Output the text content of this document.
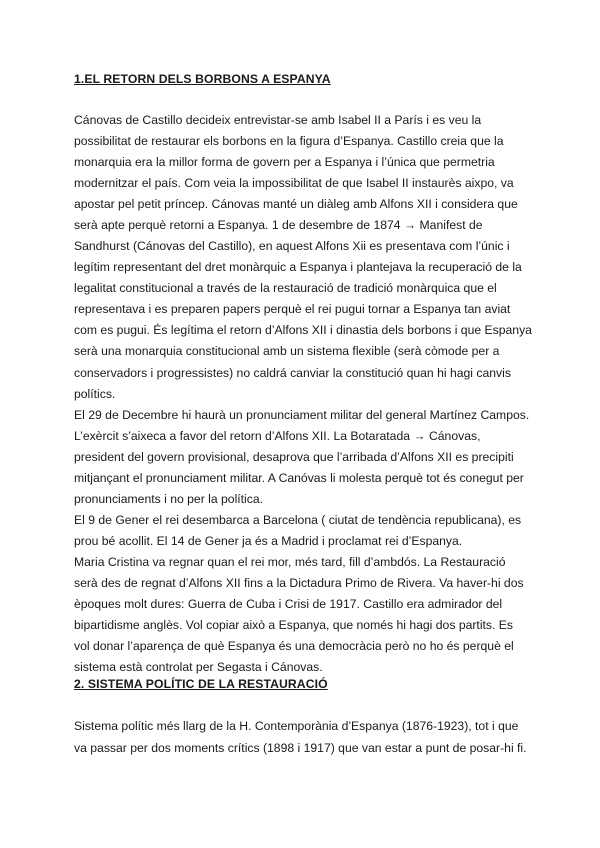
1.EL RETORN DELS BORBONS A ESPANYA
Cánovas de Castillo decideix entrevistar-se amb Isabel II a París i es veu la
possibilitat de restaurar els borbons en la figura d’Espanya. Castillo creia que la
monarquia era la millor forma de govern per a Espanya i l’única que permetria
modernitzar el país. Com veia la impossibilitat de que Isabel II instaurès aixpo, va
apostar pel petit príncep. Cánovas manté un diàleg amb Alfons XII i considera que
serà apte perquè retorni a Espanya. 1 de desembre de 1874 → Manifest de
Sandhurst (Cánovas del Castillo), en aquest Alfons Xii es presentava com l’únic i
legítim representant del dret monàrquic a Espanya i plantejava la recuperació de la
legalitat constitucional a través de la restauració de tradició monàrquica que el
representava i es preparen papers perquè el rei pugui tornar a Espanya tan aviat
com es pugui. És legítima el retorn d’Alfons XII i dinastia dels borbons i que Espanya
serà una monarquia constitucional amb un sistema flexible (serà còmode per a
conservadors i progressistes) no caldrá canviar la constitució quan hi hagi canvis
polítics.
El 29 de Decembre hi haurà un pronunciament militar del general Martínez Campos.
L’exèrcit s’aixeca a favor del retorn d’Alfons XII. La Botaratada → Cánovas,
president del govern provisional, desaprova que l’arribada d’Alfons XII es precipiti
mitjançant el pronunciament militar. A Canóvas li molesta perquè tot és conegut per
pronunciaments i no per la política.
El 9 de Gener el rei desembarca a Barcelona ( ciutat de tendència republicana), es
prou bé acollit. El 14 de Gener ja és a Madrid i proclamat rei d’Espanya.
Maria Cristina va regnar quan el rei mor, més tard, fill d’ambdós. La Restauració
serà des de regnat d’Alfons XII fins a la Dictadura Primo de Rivera. Va haver-hi dos
èpoques molt dures: Guerra de Cuba i Crisi de 1917. Castillo era admirador del
bipartidisme anglès. Vol copiar això a Espanya, que només hi hagi dos partits. Es
vol donar l’aparença de què Espanya és una democràcia però no ho és perquè el
sistema està controlat per Segasta i Cánovas.
2. SISTEMA POLÍTIC DE LA RESTAURACIÓ
Sistema polític més llarg de la H. Contemporània d’Espanya (1876-1923), tot i que
va passar per dos moments crítics (1898 i 1917) que van estar a punt de posar-hi fi.
